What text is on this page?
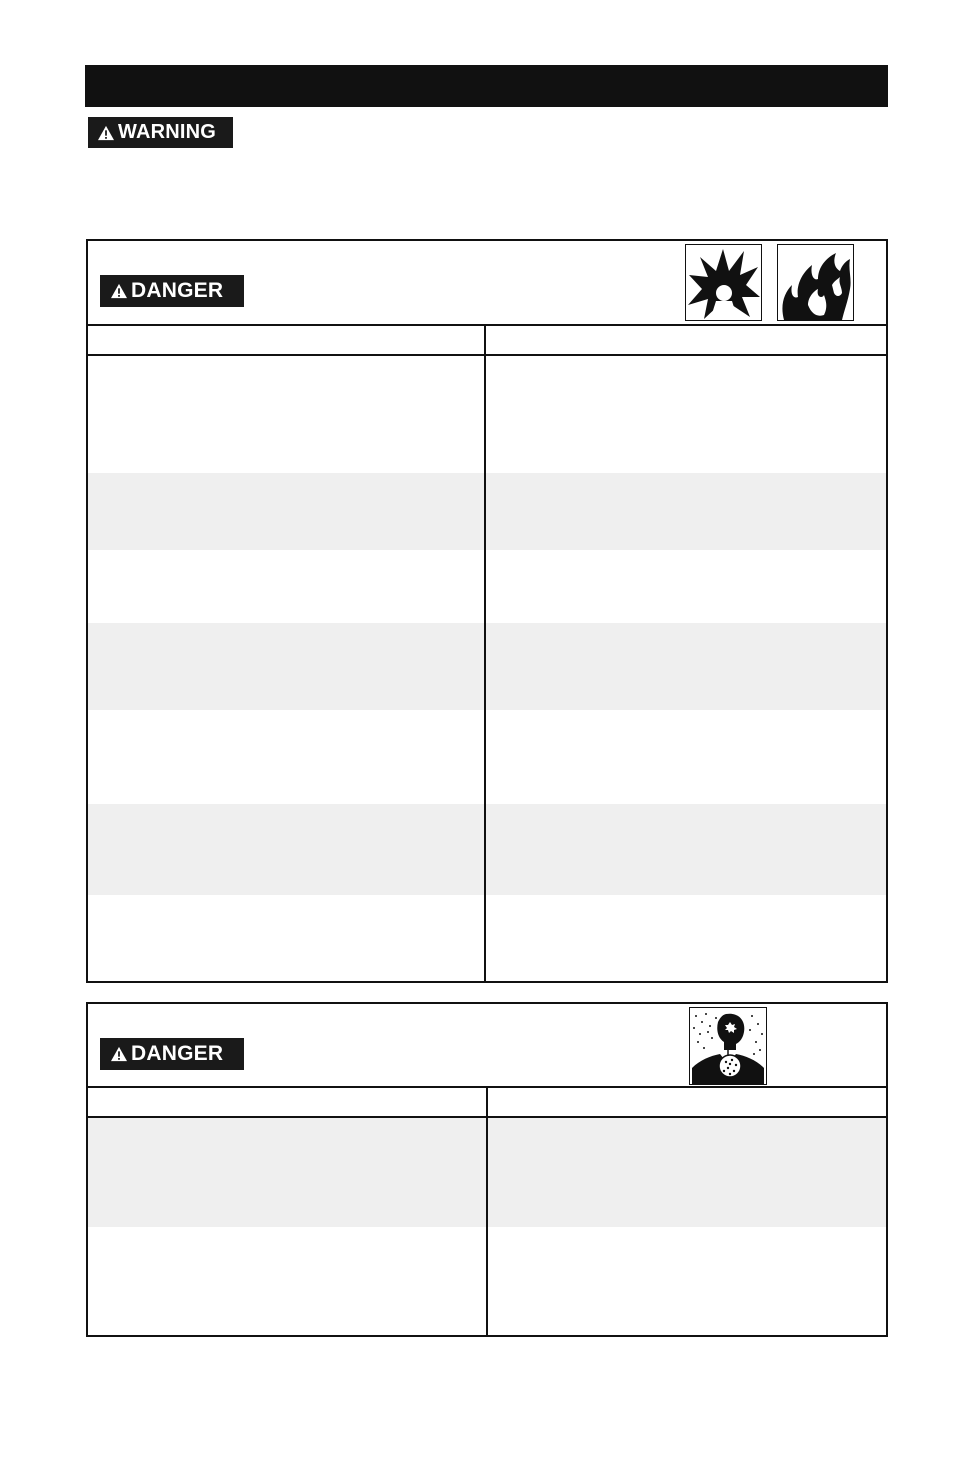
WARNING
DANGER
DANGER
